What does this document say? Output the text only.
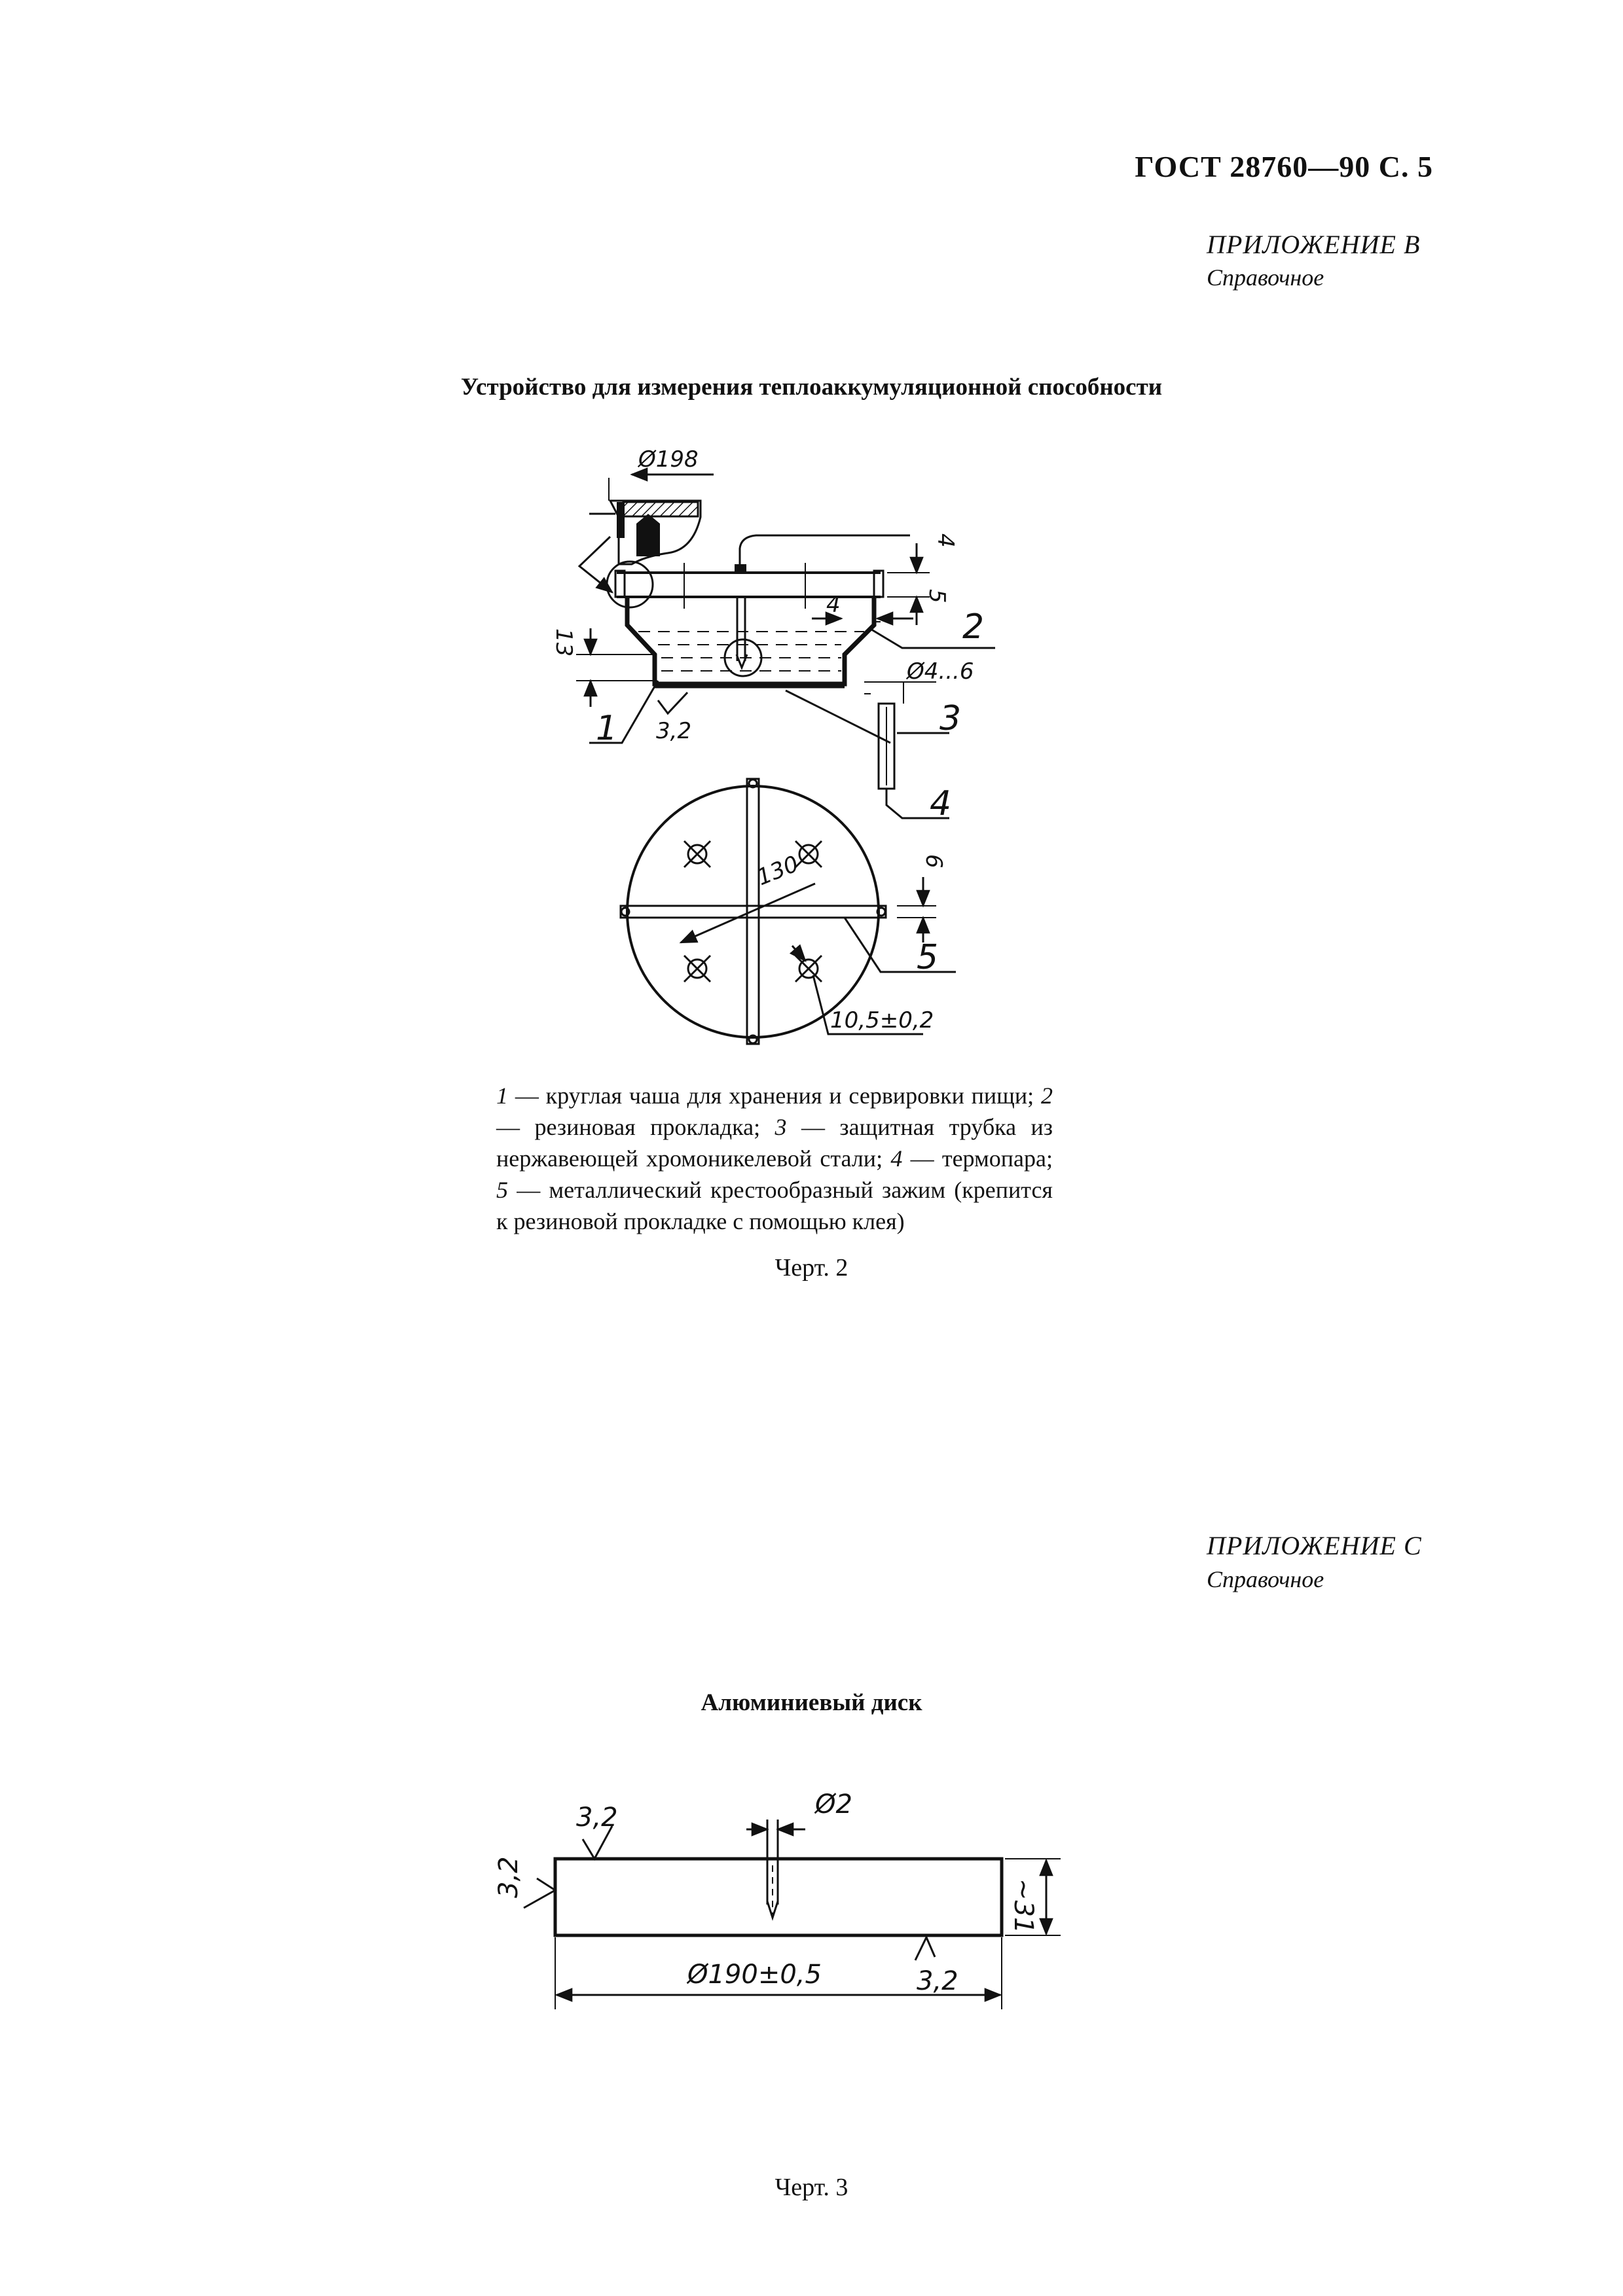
ГОСТ 28760—90 С. 5
ПРИЛОЖЕНИЕ В
Справочное
Устройство для измерения теплоаккумуляционной способности
ПРИЛОЖЕНИЕ С
Справочное
Алюминиевый диск
1 — круглая чаша для хранения и сервировки пищи; 2 — резиновая прокладка; 3 — защитная трубка из нержавеющей хромоникелевой стали; 4 — термопара; 5 — металлический крестообразный зажим (крепится к резиновой прокладке с помощью клея)
Черт. 2
Черт. 3
Ø198
4
5
4
2
13
Ø4...6
1 3,2	3
4
130	6
5
10,5±0,2
3,2
3,2
3,2
Ø2
~31
Ø190±0,5
